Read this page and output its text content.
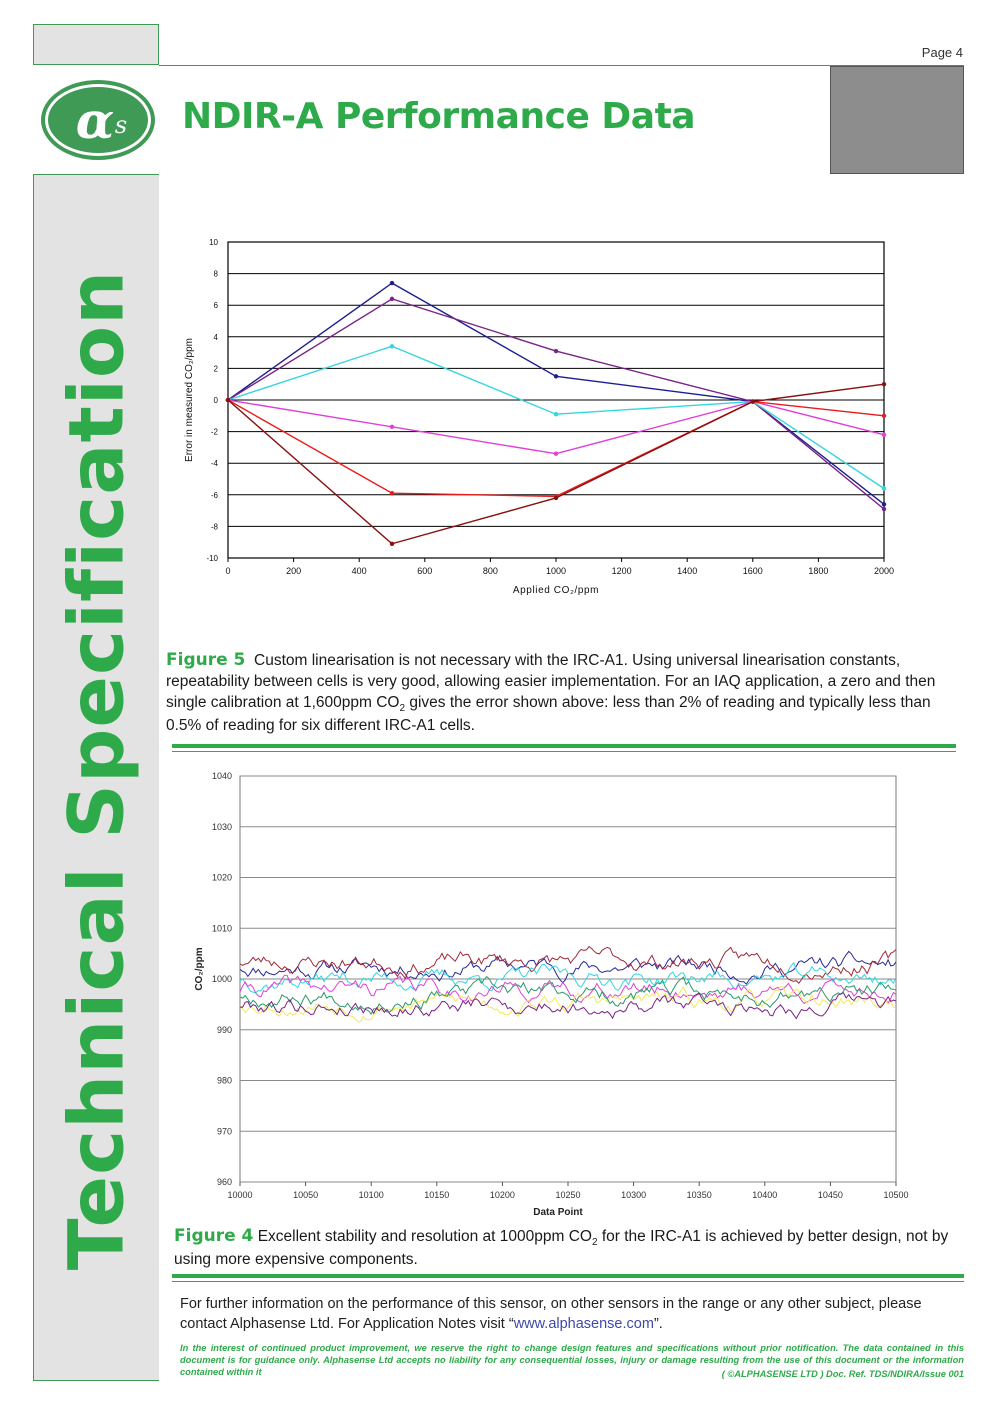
Page 4
α s NDIR-A Performance Data
Technical Specification
10
8
6
4
2
0
-2
-4
-6
-8
-10
0	200	400	600	800	1000	1200	1400	1600	1800	2000
Applied CO₂/ppm
Error in measured CO₂/ppm
Figure 5 Custom linearisation is not necessary with the IRC-A1. Using universal linearisation constants, repeatability between cells is very good, allowing easier implementation. For an IAQ application, a zero and then single calibration at 1,600ppm $CO_2$ gives the error shown above: less than 2% of reading and typically less than 0.5% of reading for six different IRC-A1 cells.
1040
1030
1020
1010
1000
990
980
970
960
10000	10050	10100	10150	10200	10250	10300	10350	10400	10450	10500
Data Point
CO₂/ppm
Figure 4 Excellent stability and resolution at 1000ppm $CO_2$ for the IRC-A1 is achieved by better design, not by using more expensive components.
For further information on the performance of this sensor, on other sensors in the range or any other subject, please contact Alphasense Ltd. For Application Notes visit “www.alphasense.com”.
In the interest of continued product improvement, we reserve the right to change design features and specifications without prior notification. The data contained in this document is for guidance only. Alphasense Ltd accepts no liability for any consequential losses, injury or damage resulting from the use of this document or the information contained within it	( ©ALPHASENSE LTD ) Doc. Ref. TDS/NDIRA/Issue 001
